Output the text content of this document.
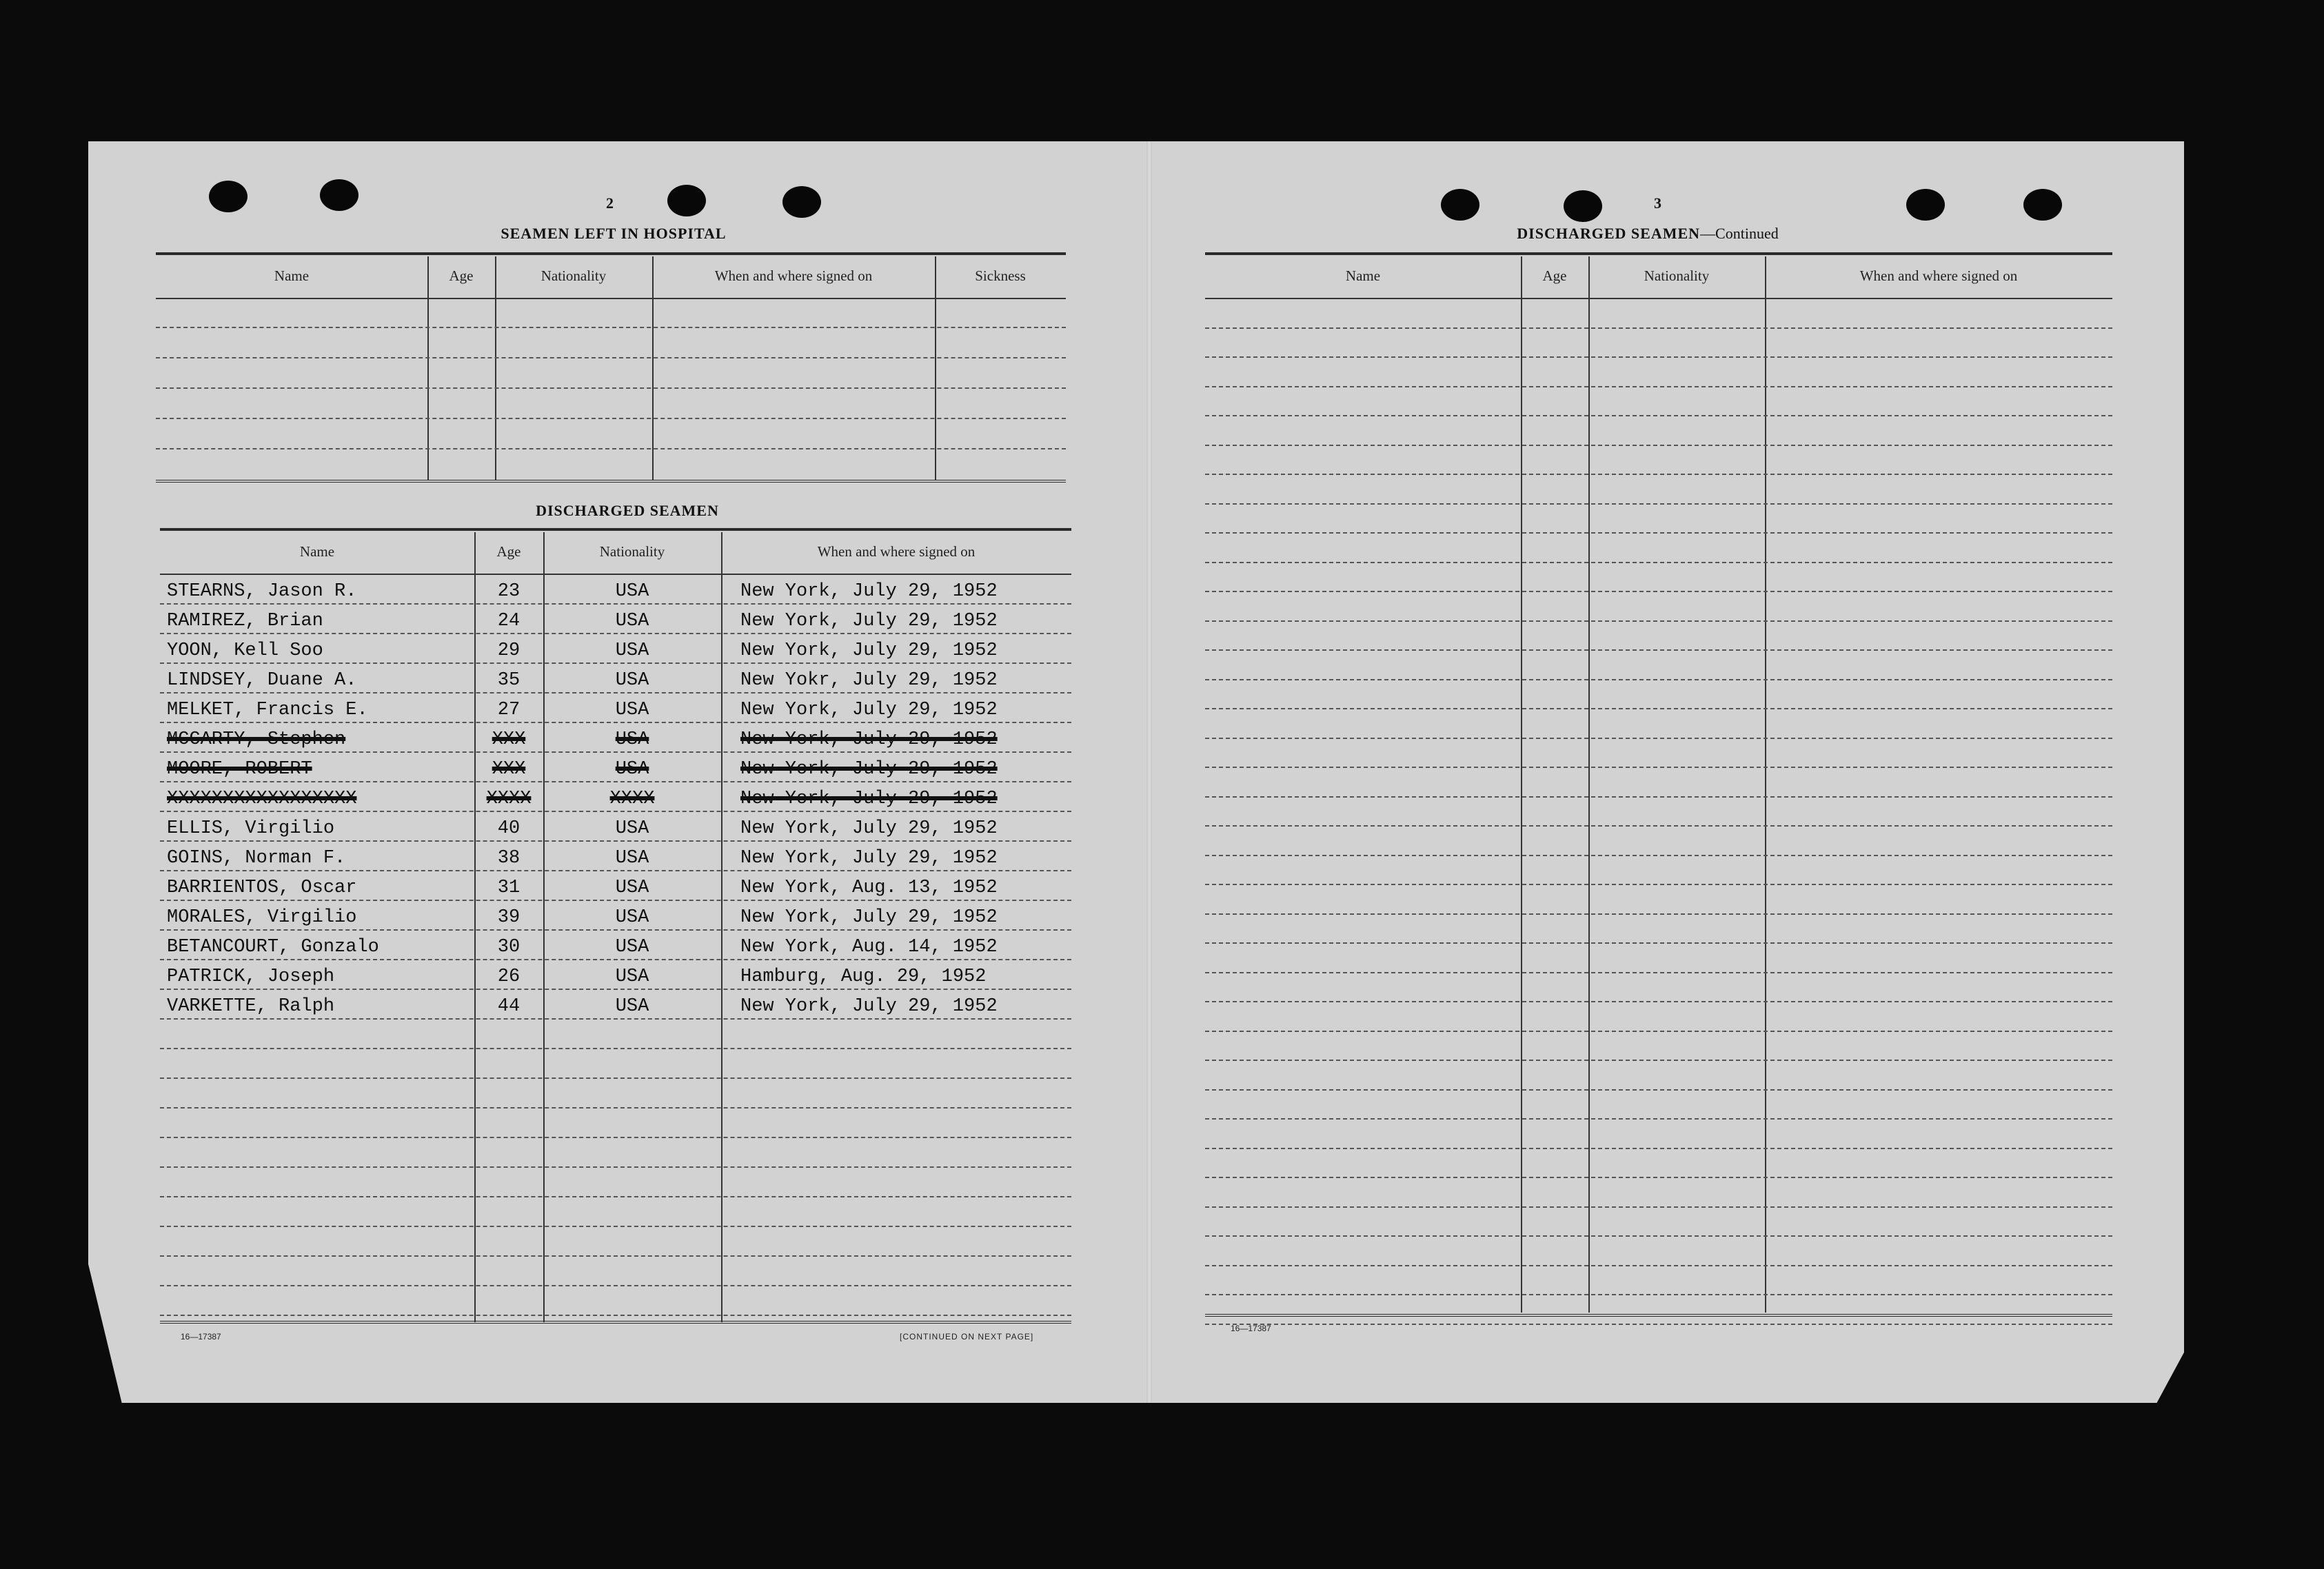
2
SEAMEN LEFT IN HOSPITAL
Name	Age	Nationality	When and where signed on	Sickness
DISCHARGED SEAMEN
Name	Age	Nationality	When and where signed on
STEARNS, Jason R.	23	USA	New York, July 29, 1952
RAMIREZ, Brian	24	USA	New York, July 29, 1952
YOON, Kell Soo	29	USA	New York, July 29, 1952
LINDSEY, Duane A.	35	USA	New Yokr, July 29, 1952
MELKET, Francis E.	27	USA	New York, July 29, 1952
MCCARTY, Stephen	XXX	USA	New York, July 29, 1952
MOORE, ROBERT	XXX	USA	New York, July 29, 1952
XXXXXXXXXXXXXXXXX	XXXX	XXXX	New York, July 29, 1952
ELLIS, Virgilio	40	USA	New York, July 29, 1952
GOINS, Norman F.	38	USA	New York, July 29, 1952
BARRIENTOS, Oscar	31	USA	New York, Aug. 13, 1952
MORALES, Virgilio	39	USA	New York, July 29, 1952
BETANCOURT, Gonzalo	30	USA	New York, Aug. 14, 1952
PATRICK, Joseph	26	USA	Hamburg, Aug. 29, 1952
VARKETTE, Ralph	44	USA	New York, July 29, 1952
16—17387	[CONTINUED ON NEXT PAGE]
3
DISCHARGED SEAMEN—Continued
Name	Age	Nationality	When and where signed on
16—17387
